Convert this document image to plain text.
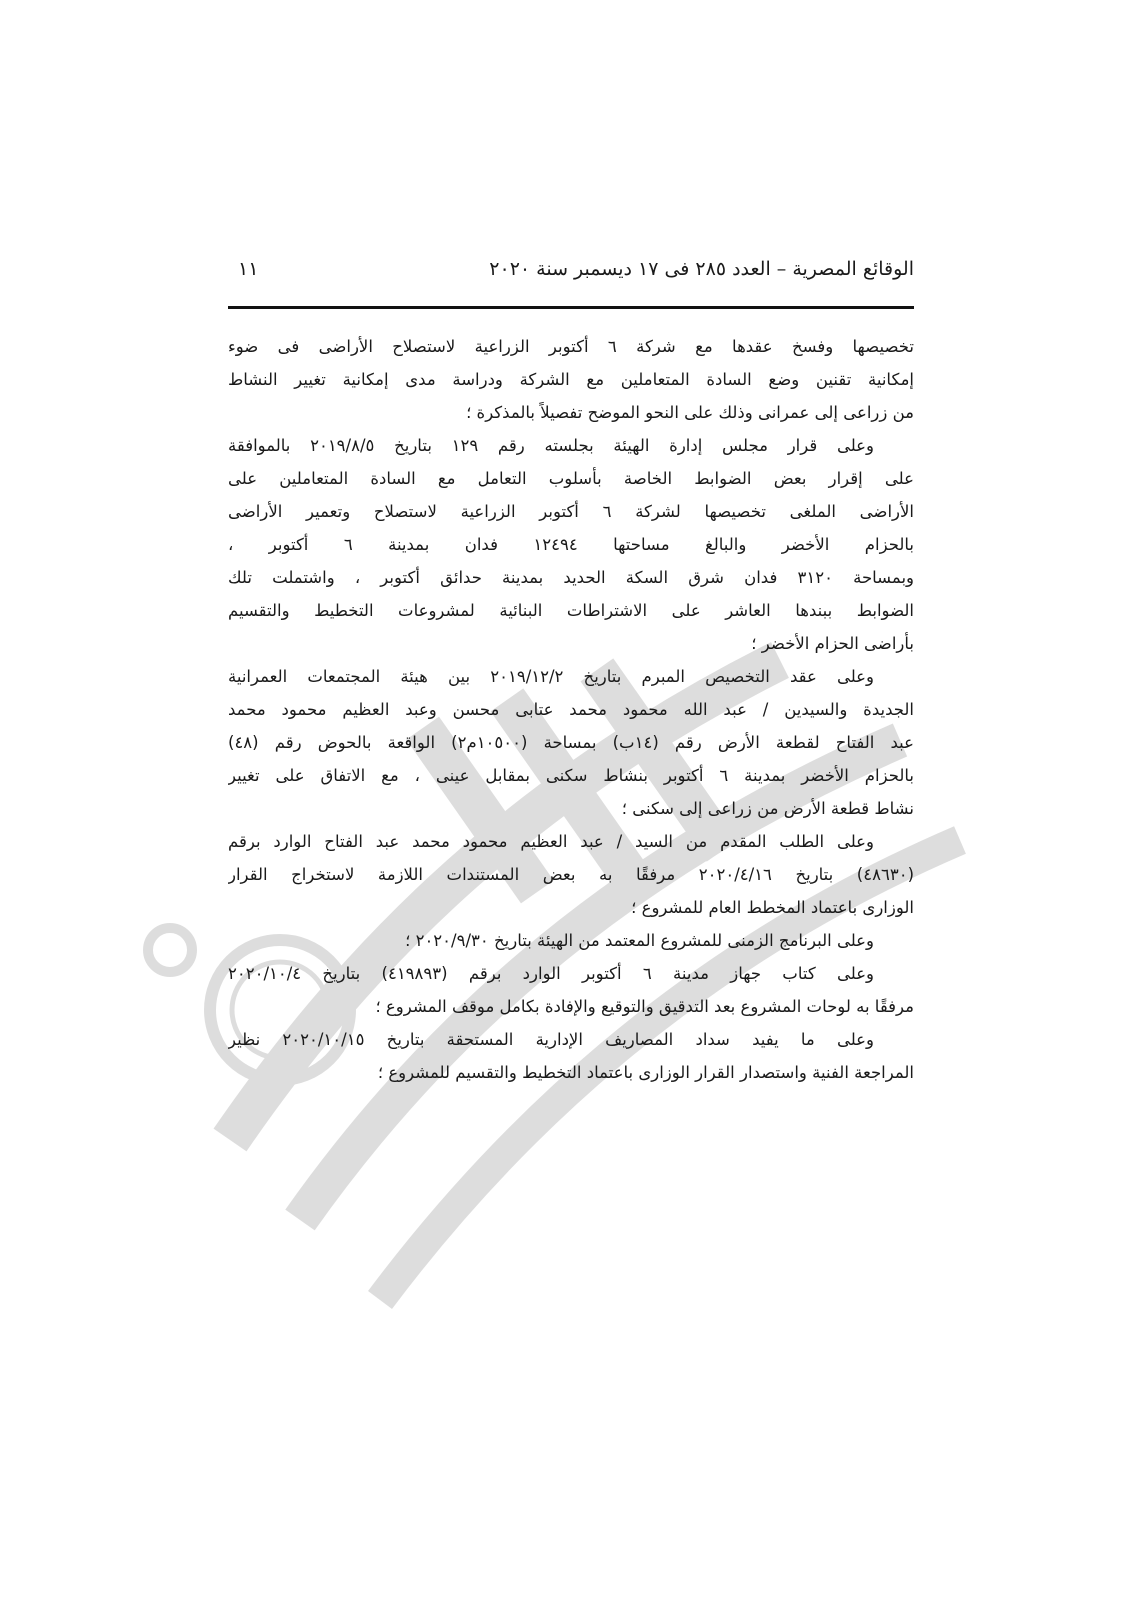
الوقائع المصرية – العدد ٢٨٥ فى ١٧ ديسمبر سنة ٢٠٢٠
١١

تخصيصها وفسخ عقدها مع شركة ٦ أكتوبر الزراعية لاستصلاح الأراضى فى ضوء
إمكانية تقنين وضع السادة المتعاملين مع الشركة ودراسة مدى إمكانية تغيير النشاط
من زراعى إلى عمرانى وذلك على النحو الموضح تفصيلاً بالمذكرة ؛

وعلى قرار مجلس إدارة الهيئة بجلسته رقم ١٢٩ بتاريخ ٢٠١٩/٨/٥ بالموافقة

على إقرار بعض الضوابط الخاصة بأسلوب التعامل مع السادة المتعاملين على
الأراضى الملغى تخصيصها لشركة ٦ أكتوبر الزراعية لاستصلاح وتعمير الأراضى
بالحزام الأخضر والبالغ مساحتها ١٢٤٩٤ فدان بمدينة ٦ أكتوبر ،
وبمساحة ٣١٢٠ فدان شرق السكة الحديد بمدينة حدائق أكتوبر ، واشتملت تلك
الضوابط ببندها العاشر على الاشتراطات البنائية لمشروعات التخطيط والتقسيم
بأراضى الحزام الأخضر ؛

وعلى عقد التخصيص المبرم بتاريخ ٢٠١٩/١٢/٢ بين هيئة المجتمعات العمرانية

الجديدة والسيدين / عبد الله محمود محمد عتابى محسن وعبد العظيم محمود محمد
عبد الفتاح لقطعة الأرض رقم (١٤ب) بمساحة (١٠٥٠٠م٢) الواقعة بالحوض رقم (٤٨)
بالحزام الأخضر بمدينة ٦ أكتوبر بنشاط سكنى بمقابل عينى ، مع الاتفاق على تغيير
نشاط قطعة الأرض من زراعى إلى سكنى ؛

وعلى الطلب المقدم من السيد / عبد العظيم محمود محمد عبد الفتاح الوارد برقم

(٤٨٦٣٠) بتاريخ ٢٠٢٠/٤/١٦ مرفقًا به بعض المستندات اللازمة لاستخراج القرار
الوزارى باعتماد المخطط العام للمشروع ؛

وعلى البرنامج الزمنى للمشروع المعتمد من الهيئة بتاريخ ٢٠٢٠/٩/٣٠ ؛

وعلى كتاب جهاز مدينة ٦ أكتوبر الوارد برقم (٤١٩٨٩٣) بتاريخ ٢٠٢٠/١٠/٤

مرفقًا به لوحات المشروع بعد التدقيق والتوقيع والإفادة بكامل موقف المشروع ؛

وعلى ما يفيد سداد المصاريف الإدارية المستحقة بتاريخ ٢٠٢٠/١٠/١٥ نظير

المراجعة الفنية واستصدار القرار الوزارى باعتماد التخطيط والتقسيم للمشروع ؛
